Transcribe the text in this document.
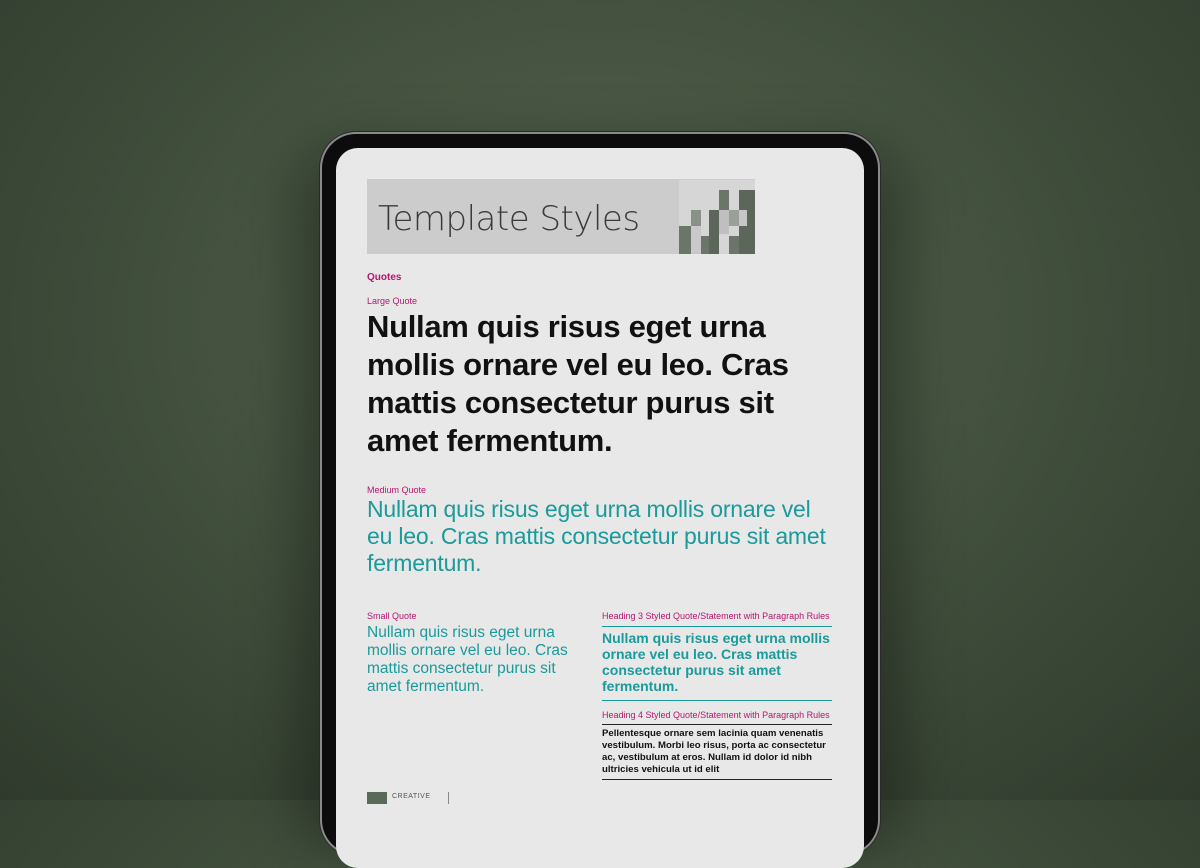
Template Styles
Quotes
Large Quote
Nullam quis risus eget urna mollis ornare vel eu leo. Cras mattis consectetur purus sit amet fermentum.
Medium Quote
Nullam quis risus eget urna mollis ornare vel eu leo. Cras mattis consectetur purus sit amet fermentum.
Small Quote
Nullam quis risus eget urna mollis ornare vel eu leo. Cras mattis consectetur purus sit amet fermentum.
Heading 3 Styled Quote/Statement with Paragraph Rules
Nullam quis risus eget urna mollis ornare vel eu leo. Cras mattis consectetur purus sit amet fermentum.
Heading 4 Styled Quote/Statement with Paragraph Rules
Pellentesque ornare sem lacinia quam venenatis vestibulum. Morbi leo risus, porta ac consectetur ac, vestibulum at eros. Nullam id dolor id nibh ultricies vehicula ut id elit
CREATIVE
